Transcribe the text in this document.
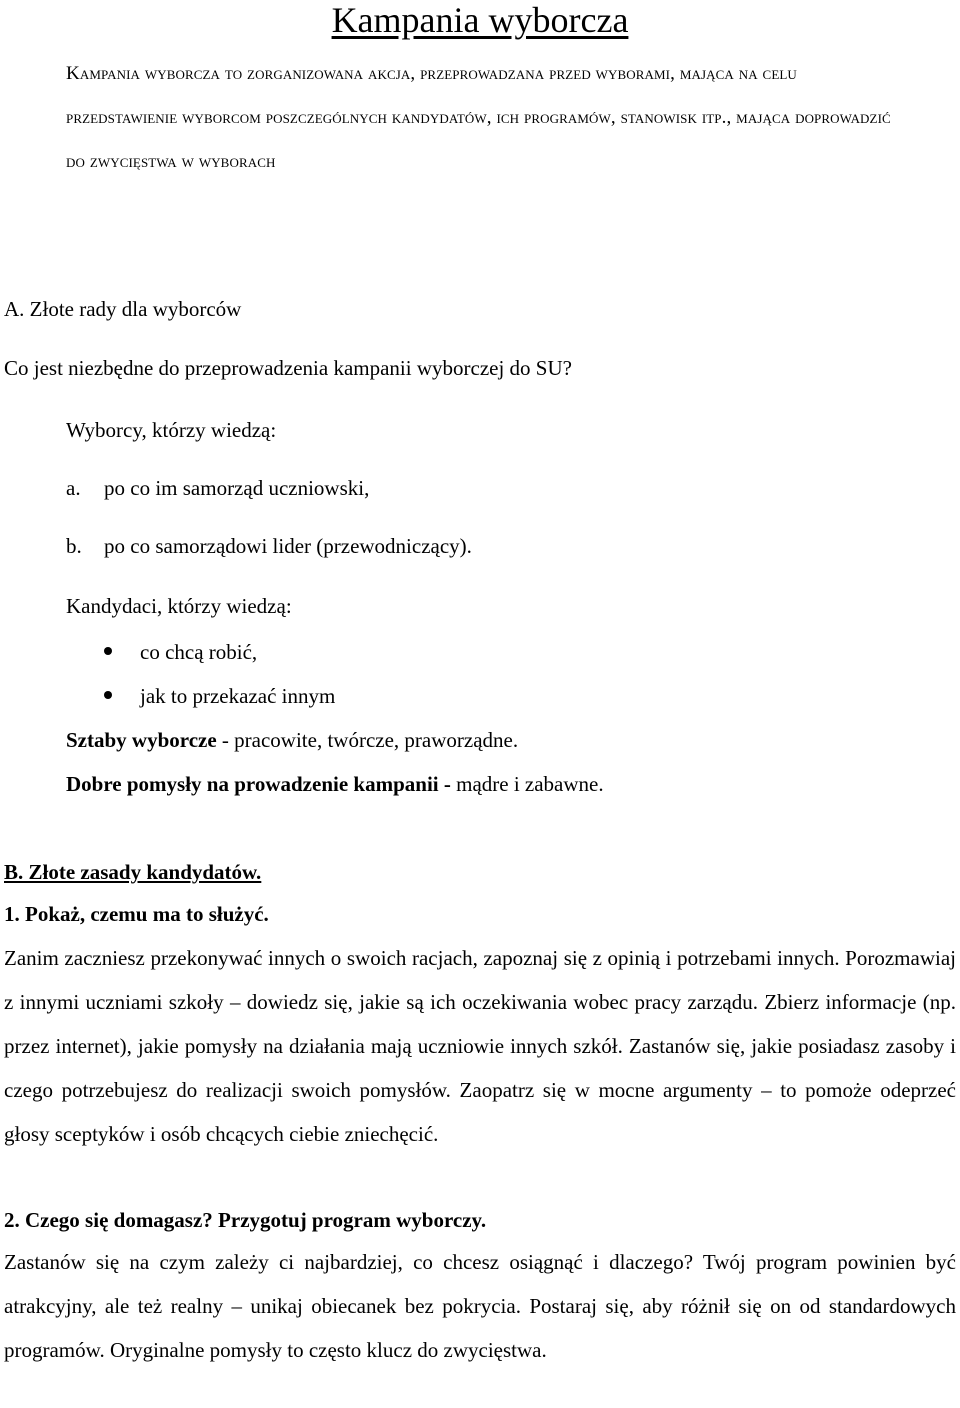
Kampania wyborcza
Kampania wyborcza to zorganizowana akcja, przeprowadzana przed wyborami, mająca na celu przedstawienie wyborcom poszczególnych kandydatów, ich programów, stanowisk itp., mająca doprowadzić do zwycięstwa w wyborach
A. Złote rady dla wyborców
Co jest niezbędne do przeprowadzenia kampanii wyborczej do SU?
Wyborcy, którzy wiedzą:
a. po co im samorząd uczniowski,
b. po co samorządowi lider (przewodniczący).
Kandydaci, którzy wiedzą:
co chcą robić,
jak to przekazać innym
Sztaby wyborcze - pracowite, twórcze, praworządne.
Dobre pomysły na prowadzenie kampanii - mądre i zabawne.
B. Złote zasady kandydatów.
1. Pokaż, czemu ma to służyć.
Zanim zaczniesz przekonywać innych o swoich racjach, zapoznaj się z opinią i potrzebami innych. Porozmawiaj z innymi uczniami szkoły – dowiedz się, jakie są ich oczekiwania wobec pracy zarządu. Zbierz informacje (np. przez internet), jakie pomysły na działania mają uczniowie innych szkół. Zastanów się, jakie posiadasz zasoby i czego potrzebujesz do realizacji swoich pomysłów. Zaopatrz się w mocne argumenty – to pomoże odeprzeć głosy sceptyków i osób chcących ciebie zniechęcić.
2. Czego się domagasz? Przygotuj program wyborczy.
Zastanów się na czym zależy ci najbardziej, co chcesz osiągnąć i dlaczego? Twój program powinien być atrakcyjny, ale też realny – unikaj obiecanek bez pokrycia. Postaraj się, aby różnił się on od standardowych programów. Oryginalne pomysły to często klucz do zwycięstwa.
